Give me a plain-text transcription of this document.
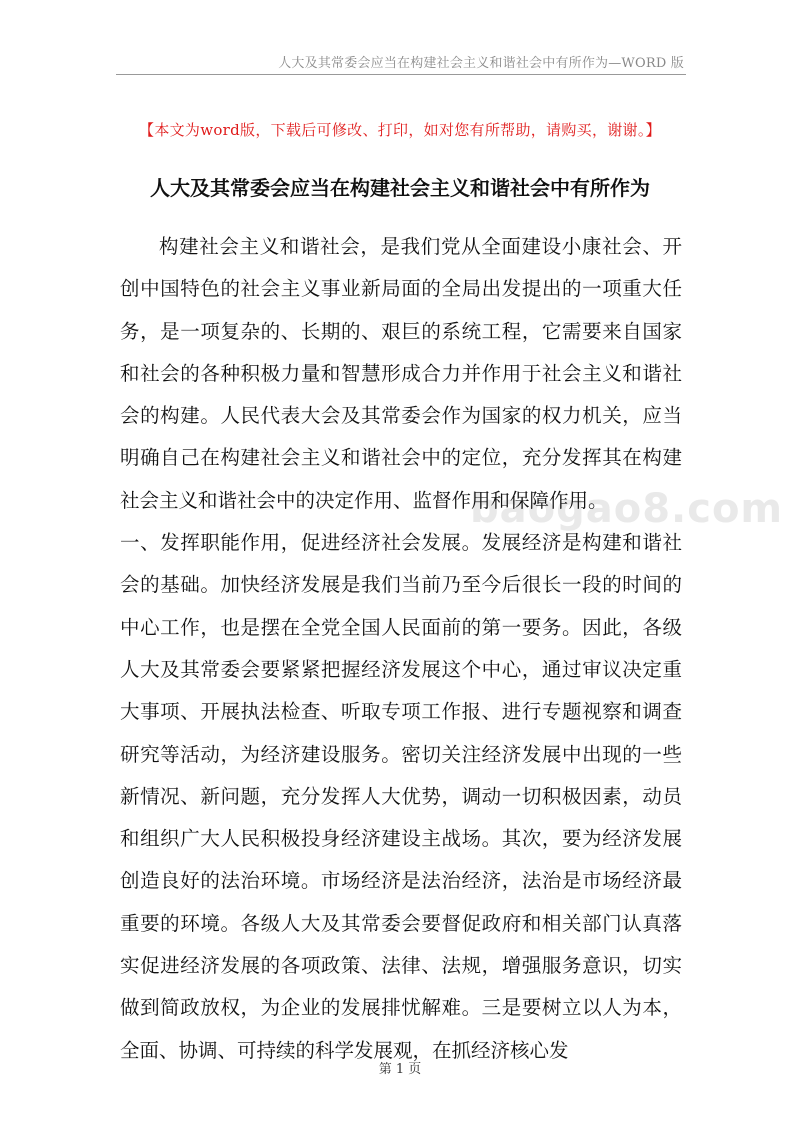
人大及其常委会应当在构建社会主义和谐社会中有所作为—WORD 版
【本文为word版，下载后可修改、打印，如对您有所帮助，请购买，谢谢。】
人大及其常委会应当在构建社会主义和谐社会中有所作为
baogao8.com

构建社会主义和谐社会，是我们党从全面建设小康社会、开创中国特色的社会主义事业新局面的全局出发提出的一项重大任务，是一项复杂的、长期的、艰巨的系统工程，它需要来自国家和社会的各种积极力量和智慧形成合力并作用于社会主义和谐社会的构建。人民代表大会及其常委会作为国家的权力机关，应当明确自己在构建社会主义和谐社会中的定位，充分发挥其在构建社会主义和谐社会中的决定作用、监督作用和保障作用。

一、发挥职能作用，促进经济社会发展。发展经济是构建和谐社会的基础。加快经济发展是我们当前乃至今后很长一段的时间的中心工作，也是摆在全党全国人民面前的第一要务。因此，各级人大及其常委会要紧紧把握经济发展这个中心，通过审议决定重大事项、开展执法检查、听取专项工作报、进行专题视察和调查研究等活动，为经济建设服务。密切关注经济发展中出现的一些新情况、新问题，充分发挥人大优势，调动一切积极因素，动员和组织广大人民积极投身经济建设主战场。其次，要为经济发展创造良好的法治环境。市场经济是法治经济，法治是市场经济最重要的环境。各级人大及其常委会要督促政府和相关部门认真落实促进经济发展的各项政策、法律、法规，增强服务意识，切实做到简政放权，为企业的发展排忧解难。三是要树立以人为本，全面、协调、可持续的科学发展观，在抓经济核心发

第 1 页
